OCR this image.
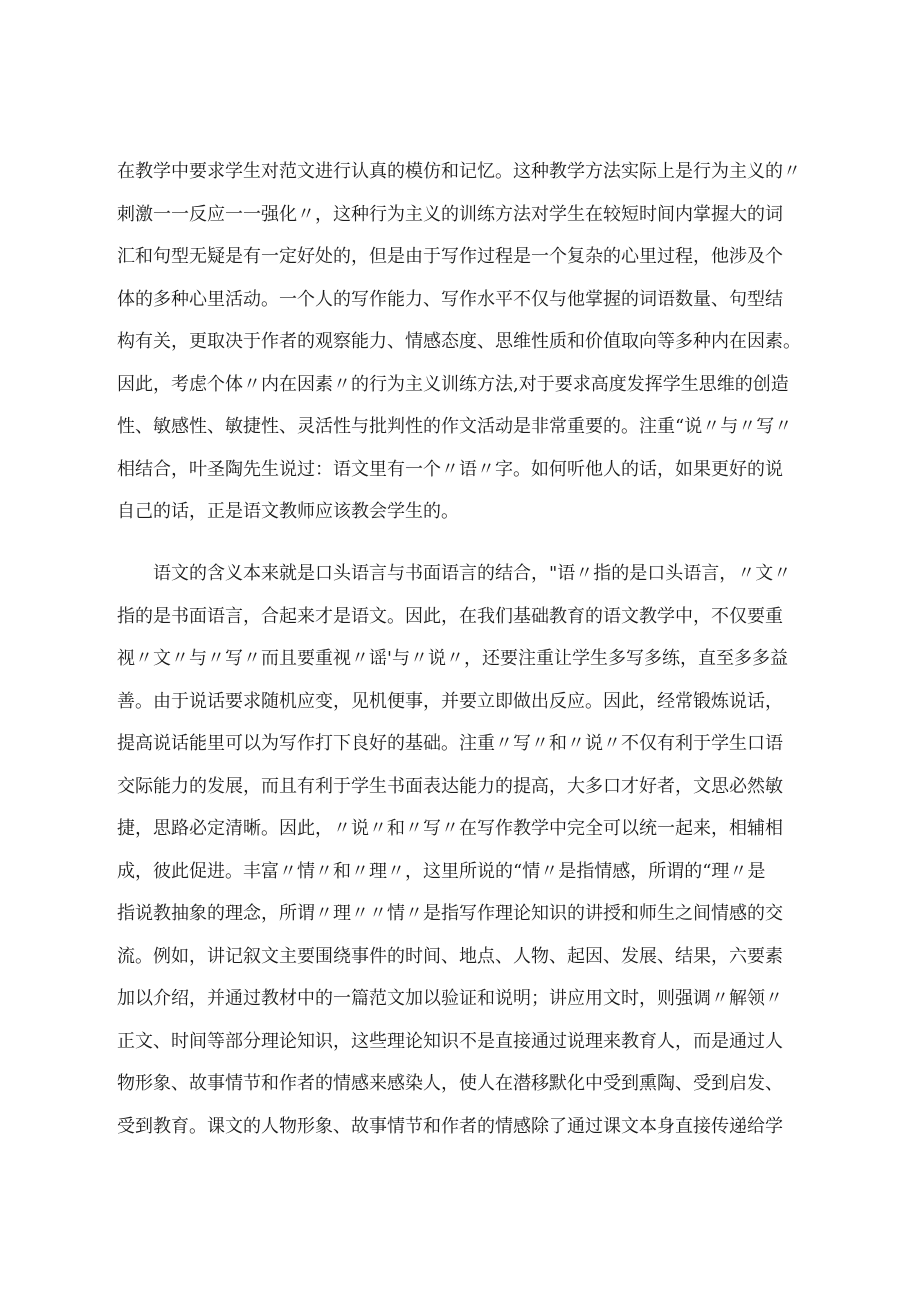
在教学中要求学生对范文进行认真的模仿和记忆。这种教学方法实际上是行为主义的〃
刺激一一反应一一强化〃，这种行为主义的训练方法对学生在较短时间内掌握大的词
汇和句型无疑是有一定好处的，但是由于写作过程是一个复杂的心里过程，他涉及个
体的多种心里活动。一个人的写作能力、写作水平不仅与他掌握的词语数量、句型结
构有关，更取决于作者的观察能力、情感态度、思维性质和价值取向等多种内在因素。
因此，考虑个体〃内在因素〃的行为主义训练方法,对于要求高度发挥学生思维的创造
性、敏感性、敏捷性、灵活性与批判性的作文活动是非常重要的。注重“说〃与〃写〃
相结合，叶圣陶先生说过：语文里有一个〃语〃字。如何听他人的话，如果更好的说
自己的话，正是语文教师应该教会学生的。
语文的含义本来就是口头语言与书面语言的结合，"语〃指的是口头语言，〃文〃
指的是书面语言，合起来才是语文。因此，在我们基础教育的语文教学中，不仅要重
视〃文〃与〃写〃而且要重视〃谣'与〃说〃，还要注重让学生多写多练，直至多多益
善。由于说话要求随机应变，见机便事，并要立即做出反应。因此，经常锻炼说话，
提高说话能里可以为写作打下良好的基础。注重〃写〃和〃说〃不仅有利于学生口语
交际能力的发展，而且有利于学生书面表达能力的提高，大多口才好者，文思必然敏
捷，思路必定清晰。因此，〃说〃和〃写〃在写作教学中完全可以统一起来，相辅相
成，彼此促进。丰富〃情〃和〃理〃，这里所说的“情〃是指情感，所谓的“理〃是
指说教抽象的理念，所谓〃理〃〃情〃是指写作理论知识的讲授和师生之间情感的交
流。例如，讲记叙文主要围绕事件的时间、地点、人物、起因、发展、结果，六要素
加以介绍，并通过教材中的一篇范文加以验证和说明；讲应用文时，则强调〃解领〃
正文、时间等部分理论知识，这些理论知识不是直接通过说理来教育人，而是通过人
物形象、故事情节和作者的情感来感染人，使人在潜移默化中受到熏陶、受到启发、
受到教育。课文的人物形象、故事情节和作者的情感除了通过课文本身直接传递给学
